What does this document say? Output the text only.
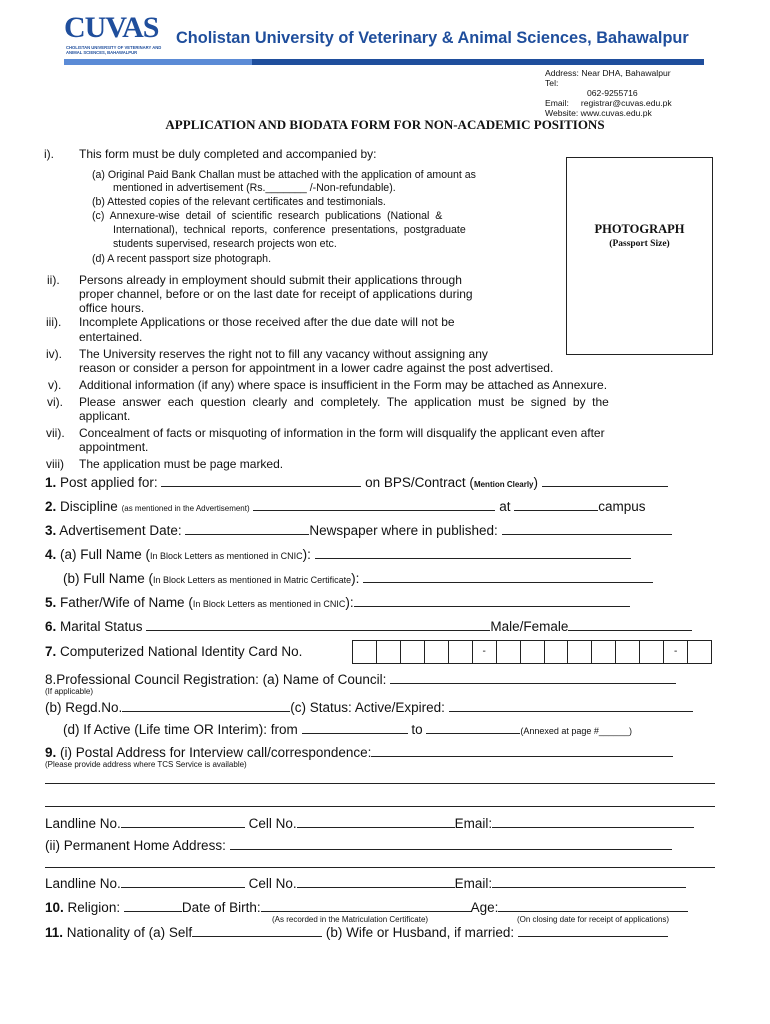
CUVAS
CHOLISTAN UNIVERSITY OF VETERINARY AND ANIMAL SCIENCES, BAHAWALPUR
Cholistan University of Veterinary & Animal Sciences, Bahawalpur
Address: Near DHA, Bahawalpur
Tel:
062-9255716
Email: registrar@cuvas.edu.pk
Website: www.cuvas.edu.pk
APPLICATION AND BIODATA FORM FOR NON-ACADEMIC POSITIONS
PHOTOGRAPH
(Passport Size)
i). This form must be duly completed and accompanied by:
(a) Original Paid Bank Challan must be attached with the application of amount as
mentioned in advertisement (Rs._______ /-Non-refundable).
(b) Attested copies of the relevant certificates and testimonials.
(c)  Annexure-wise  detail  of  scientific  research  publications  (National  &
International),  technical  reports,  conference  presentations,  postgraduate
students supervised, research projects won etc.
(d) A recent passport size photograph.
ii). Persons already in employment should submit their applications through
proper channel, before or on the last date for receipt of applications during
office hours.
iii). Incomplete Applications or those received after the due date will not be
entertained.
iv). The University reserves the right not to fill any vacancy without assigning any
reason or consider a person for appointment in a lower cadre against the post advertised.
v). Additional information (if any) where space is insufficient in the Form may be attached as Annexure.
vi). Please  answer  each  question  clearly  and  completely.  The  application  must  be  signed  by  the
applicant.
vii). Concealment of facts or misquoting of information in the form will disqualify the applicant even after
appointment.
viii) The application must be page marked.
1. Post applied for:	on BPS/Contract (Mention Clearly)
2. Discipline (as mentioned in the Advertisement)	at	campus
3. Advertisement Date:	Newspaper where in published:
4. (a) Full Name (In Block Letters as mentioned in CNIC):
(b) Full Name (In Block Letters as mentioned in Matric Certificate):
5. Father/Wife of Name (In Block Letters as mentioned in CNIC):
6. Marital Status	Male/Female
7. Computerized National Identity Card No.	-	-
8.Professional Council Registration: (a) Name of Council:
(If applicable)
(b) Regd.No.	(c) Status: Active/Expired:
(d) If Active (Life time OR Interim): from	to	(Annexed at page #______)
9. (i) Postal Address for Interview call/correspondence:
(Please provide address where TCS Service is available)
Landline No.	Cell No.	Email:
(ii) Permanent Home Address:
Landline No.	Cell No.	Email:
10. Religion:	Date of Birth:	Age:
(As recorded in the Matriculation Certificate)	(On closing date for receipt of applications)
11. Nationality of (a) Self	(b) Wife or Husband, if married:
